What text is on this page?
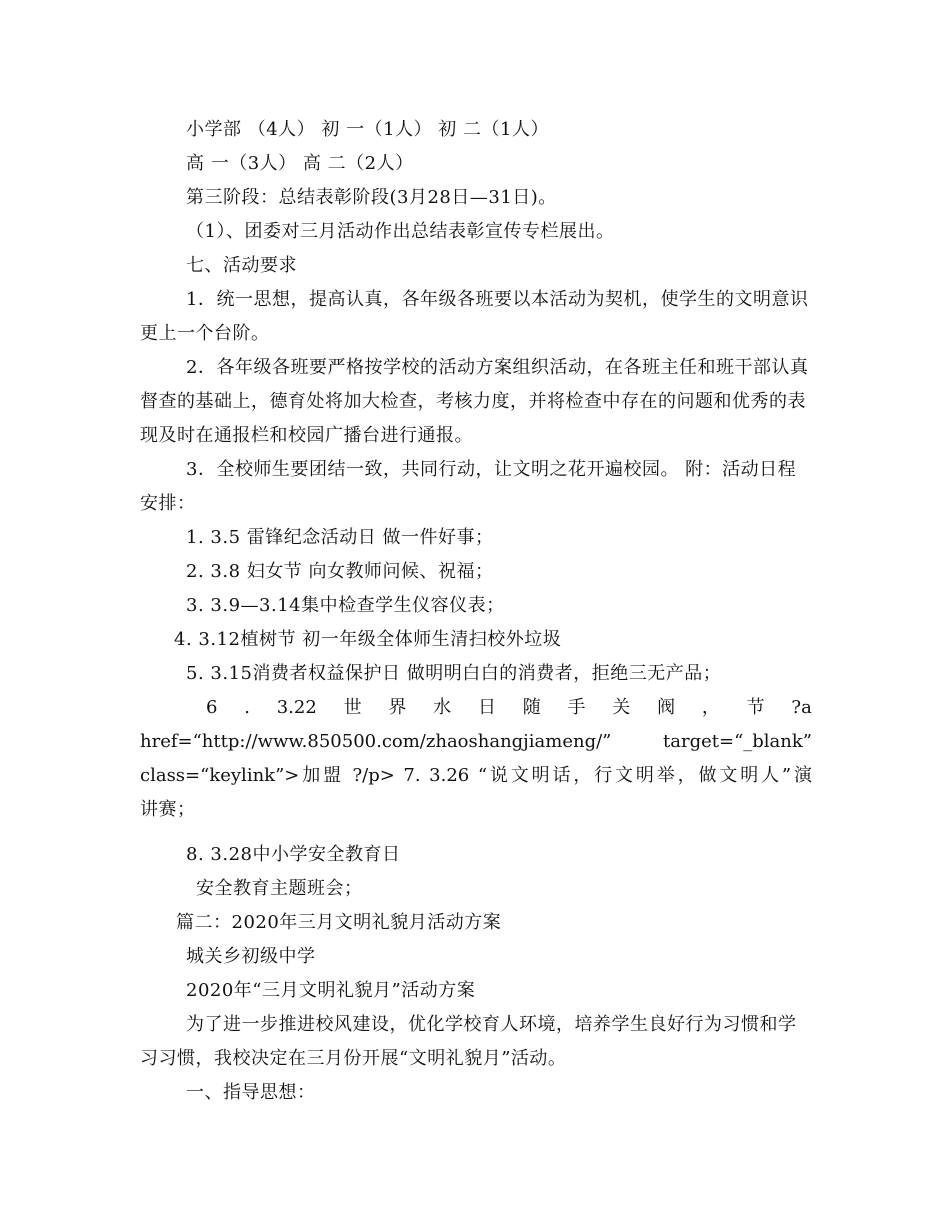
小学部 （4人） 初 一（1人） 初 二（1人）
高 一（3人） 高 二（2人）
第三阶段：总结表彰阶段(3月28日—31日)。
（1）、团委对三月活动作出总结表彰宣传专栏展出。
七、活动要求
1．统一思想，提高认真，各年级各班要以本活动为契机，使学生的文明意识
更上一个台阶。
2．各年级各班要严格按学校的活动方案组织活动，在各班主任和班干部认真
督查的基础上，德育处将加大检查，考核力度，并将检查中存在的问题和优秀的表
现及时在通报栏和校园广播台进行通报。
3．全校师生要团结一致，共同行动，让文明之花开遍校园。 附：活动日程
安排：
1. 3.5 雷锋纪念活动日 做一件好事；
2. 3.8 妇女节 向女教师问候、祝福；
3. 3.9—3.14集中检查学生仪容仪表；
4. 3.12植树节 初一年级全体师生清扫校外垃圾
5. 3.15消费者权益保护日 做明明白白的消费者，拒绝三无产品；
6 . 3.22 世 界 水 日 随 手 关 阀 ， 节 ?a
href=“http://www.850500.com/zhaoshangjiameng/” target=“_blank”
class=“keylink”>加盟 ?/p> 7. 3.26 “说文明话，行文明举，做文明人”演
讲赛；
8. 3.28中小学安全教育日
安全教育主题班会；
篇二：2020年三月文明礼貌月活动方案
城关乡初级中学
2020年“三月文明礼貌月”活动方案
为了进一步推进校风建设，优化学校育人环境，培养学生良好行为习惯和学
习习惯，我校决定在三月份开展“文明礼貌月”活动。
一、指导思想：
